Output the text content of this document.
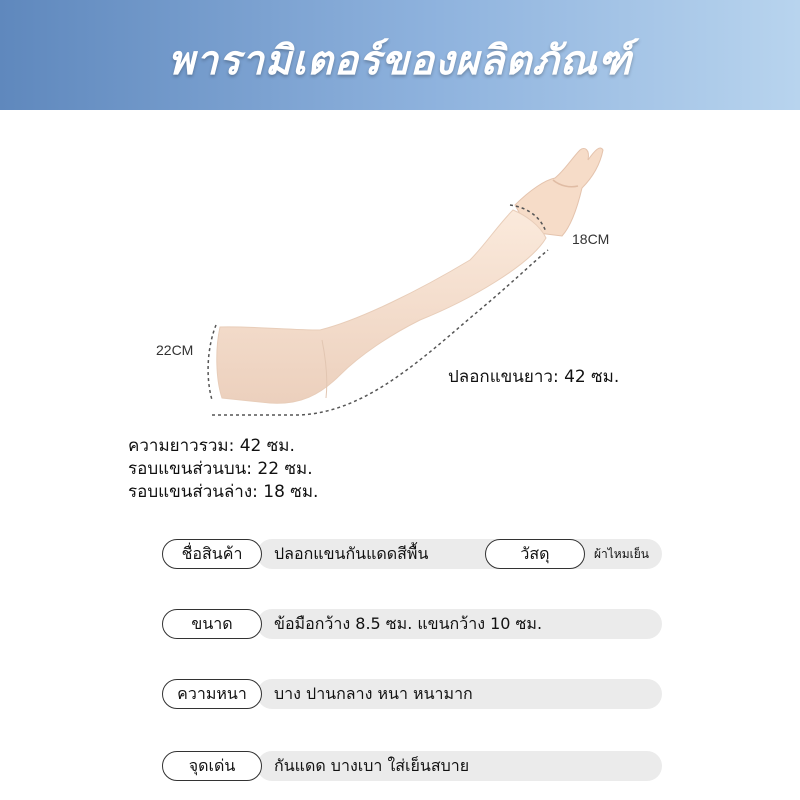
พารามิเตอร์ของผลิตภัณฑ์
18CM
22CM
ปลอกแขนยาว: 42 ซม.
ความยาวรวม: 42 ซม.
รอบแขนส่วนบน: 22 ซม.
รอบแขนส่วนล่าง: 18 ซม.
ชื่อสินค้า	ปลอกแขนกันแดดสีพื้น	วัสดุ	ผ้าไหมเย็น
ขนาด	ข้อมือกว้าง 8.5 ซม. แขนกว้าง 10 ซม.
ความหนา	บาง ปานกลาง หนา หนามาก
จุดเด่น	กันแดด บางเบา ใส่เย็นสบาย
